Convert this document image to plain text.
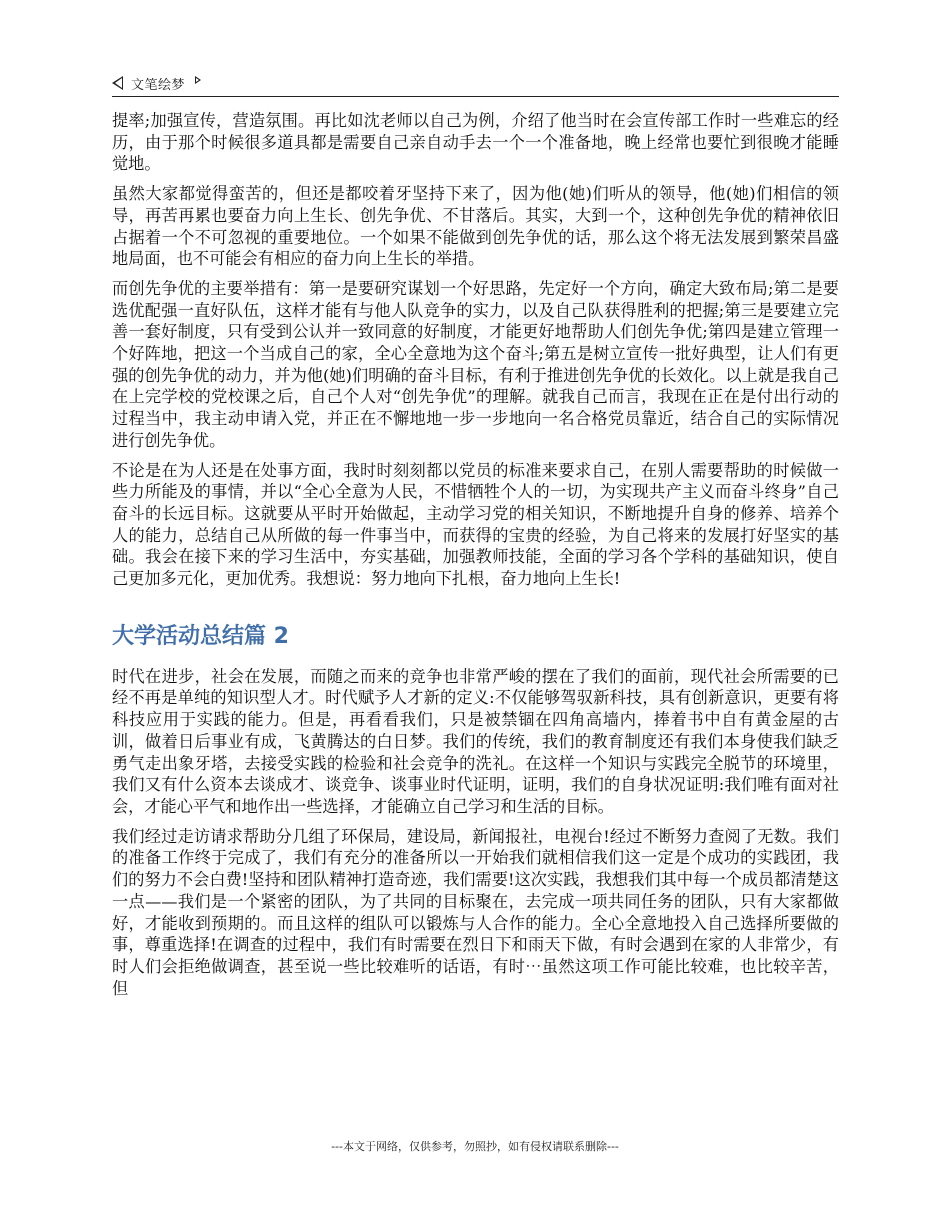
文笔绘梦

提率;加强宣传，营造氛围。再比如沈老师以自己为例，介绍了他当时在会宣传部工作时一些难忘的经历，由于那个时候很多道具都是需要自己亲自动手去一个一个准备地，晚上经常也要忙到很晚才能睡觉地。

虽然大家都觉得蛮苦的，但还是都咬着牙坚持下来了，因为他(她)们听从的领导，他(她)们相信的领导，再苦再累也要奋力向上生长、创先争优、不甘落后。其实，大到一个，这种创先争优的精神依旧占据着一个不可忽视的重要地位。一个如果不能做到创先争优的话，那么这个将无法发展到繁荣昌盛地局面，也不可能会有相应的奋力向上生长的举措。

而创先争优的主要举措有：第一是要研究谋划一个好思路，先定好一个方向，确定大致布局;第二是要选优配强一直好队伍，这样才能有与他人队竞争的实力，以及自己队获得胜利的把握;第三是要建立完善一套好制度，只有受到公认并一致同意的好制度，才能更好地帮助人们创先争优;第四是建立管理一个好阵地，把这一个当成自己的家，全心全意地为这个奋斗;第五是树立宣传一批好典型，让人们有更强的创先争优的动力，并为他(她)们明确的奋斗目标，有利于推进创先争优的长效化。以上就是我自己在上完学校的党校课之后，自己个人对“创先争优”的理解。就我自己而言，我现在正在是付出行动的过程当中，我主动申请入党，并正在不懈地地一步一步地向一名合格党员靠近，结合自己的实际情况进行创先争优。

不论是在为人还是在处事方面，我时时刻刻都以党员的标准来要求自己，在别人需要帮助的时候做一些力所能及的事情，并以“全心全意为人民，不惜牺牲个人的一切，为实现共产主义而奋斗终身”自己奋斗的长远目标。这就要从平时开始做起，主动学习党的相关知识，不断地提升自身的修养、培养个人的能力，总结自己从所做的每一件事当中，而获得的宝贵的经验，为自己将来的发展打好坚实的基础。我会在接下来的学习生活中，夯实基础，加强教师技能，全面的学习各个学科的基础知识，使自己更加多元化，更加优秀。我想说：努力地向下扎根，奋力地向上生长!

大学活动总结篇 2

时代在进步，社会在发展，而随之而来的竞争也非常严峻的摆在了我们的面前，现代社会所需要的已经不再是单纯的知识型人才。时代赋予人才新的定义:不仅能够驾驭新科技，具有创新意识，更要有将科技应用于实践的能力。但是，再看看我们，只是被禁锢在四角高墙内，捧着书中自有黄金屋的古训，做着日后事业有成，飞黄腾达的白日梦。我们的传统，我们的教育制度还有我们本身使我们缺乏勇气走出象牙塔，去接受实践的检验和社会竞争的洗礼。在这样一个知识与实践完全脱节的环境里，我们又有什么资本去谈成才、谈竞争、谈事业时代证明，证明，我们的自身状况证明:我们唯有面对社会，才能心平气和地作出一些选择，才能确立自己学习和生活的目标。

我们经过走访请求帮助分几组了环保局，建设局，新闻报社，电视台!经过不断努力查阅了无数。我们的准备工作终于完成了，我们有充分的准备所以一开始我们就相信我们这一定是个成功的实践团，我们的努力不会白费!坚持和团队精神打造奇迹，我们需要!这次实践，我想我们其中每一个成员都清楚这一点——我们是一个紧密的团队，为了共同的目标聚在，去完成一项共同任务的团队，只有大家都做好，才能收到预期的。而且这样的组队可以锻炼与人合作的能力。全心全意地投入自己选择所要做的事，尊重选择!在调查的过程中，我们有时需要在烈日下和雨天下做，有时会遇到在家的人非常少，有时人们会拒绝做调查，甚至说一些比较难听的话语，有时⋯虽然这项工作可能比较难，也比较辛苦，但

---本文于网络，仅供参考，勿照抄，如有侵权请联系删除---
